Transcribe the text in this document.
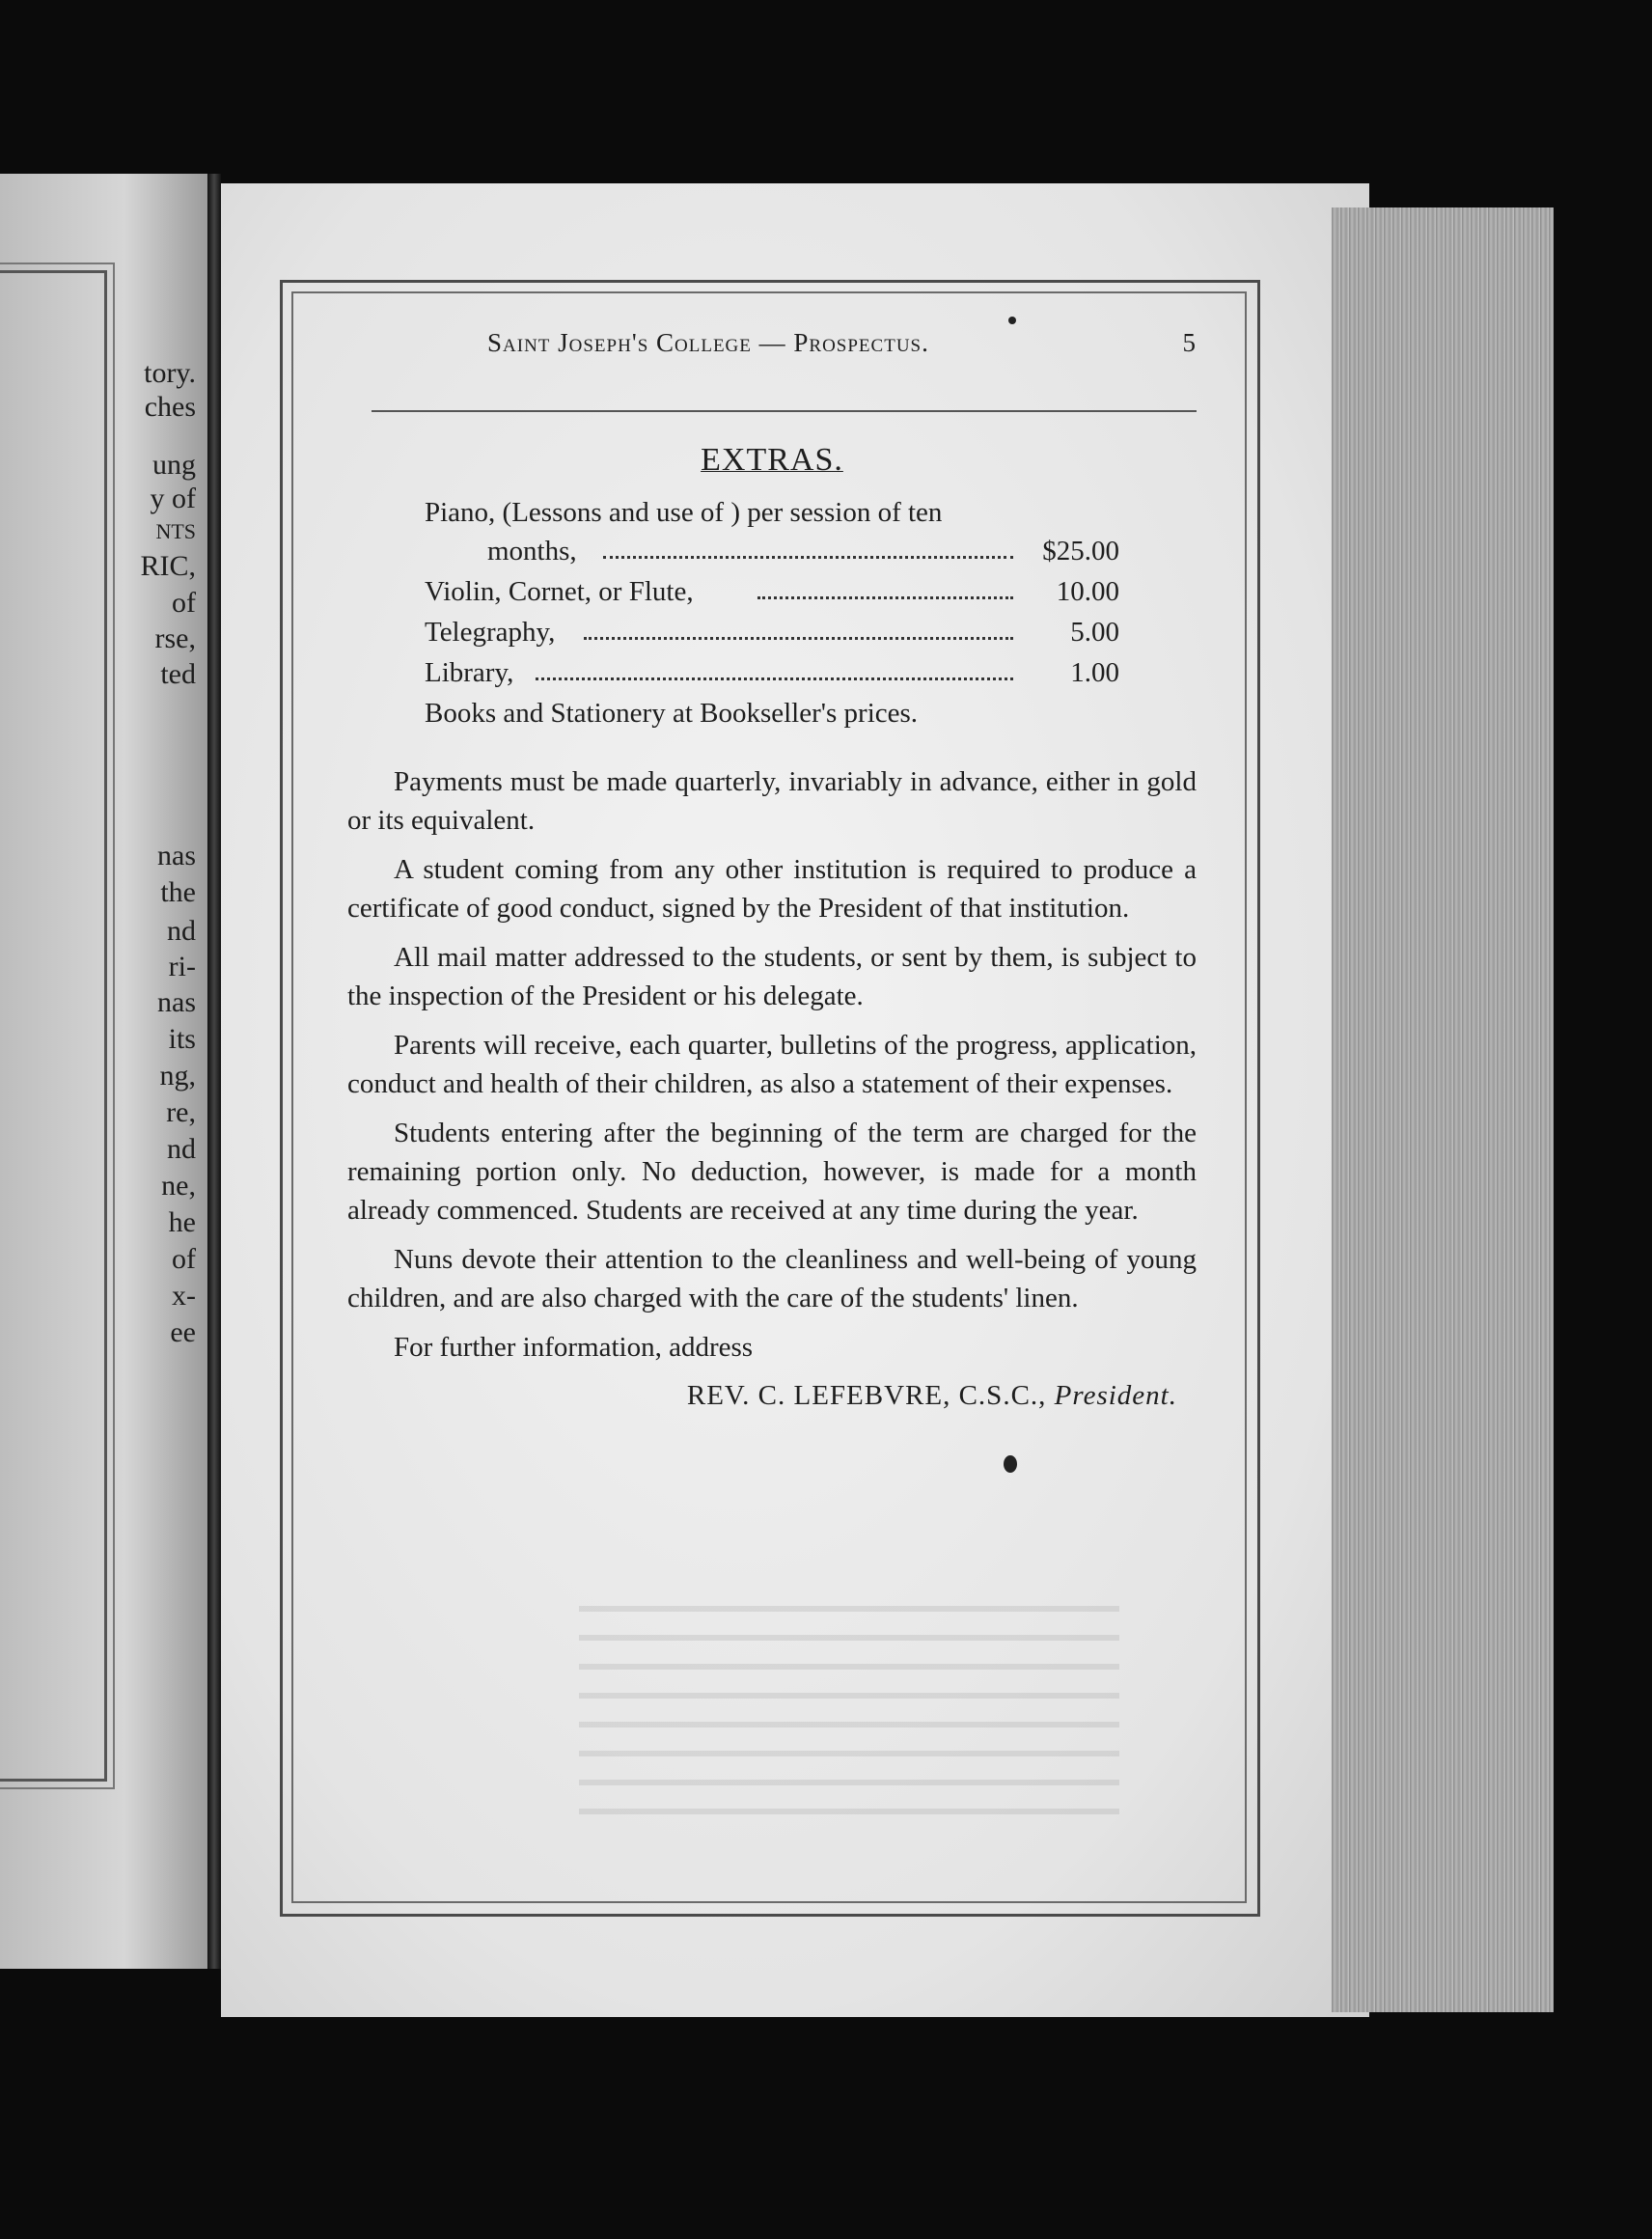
tory.
ches
ung
y of
NTS
RIC,
of
rse,
ted
nas
the
nd
ri-
nas
its
ng,
re,
nd
ne,
he
of
x-
ee
Saint Joseph's College — Prospectus.	5
EXTRAS.
Piano, (Lessons and use of ) per session of ten
months,	$25.00
Violin, Cornet, or Flute,	10.00
Telegraphy,	5.00
Library,	1.00
Books and Stationery at Bookseller's prices.

Payments must be made quarterly, invariably in advance, either in gold or its equivalent.

A student coming from any other institution is required to produce a certificate of good conduct, signed by the President of that institution.

All mail matter addressed to the students, or sent by them, is subject to the inspection of the President or his delegate.

Parents will receive, each quarter, bulletins of the progress, application, conduct and health of their children, as also a statement of their expenses.

Students entering after the beginning of the term are charged for the remaining portion only. No deduction, however, is made for a month already commenced. Students are received at any time during the year.

Nuns devote their attention to the cleanliness and well-being of young children, and are also charged with the care of the students' linen.

For further information, address
REV. C. LEFEBVRE, C.S.C., President.
